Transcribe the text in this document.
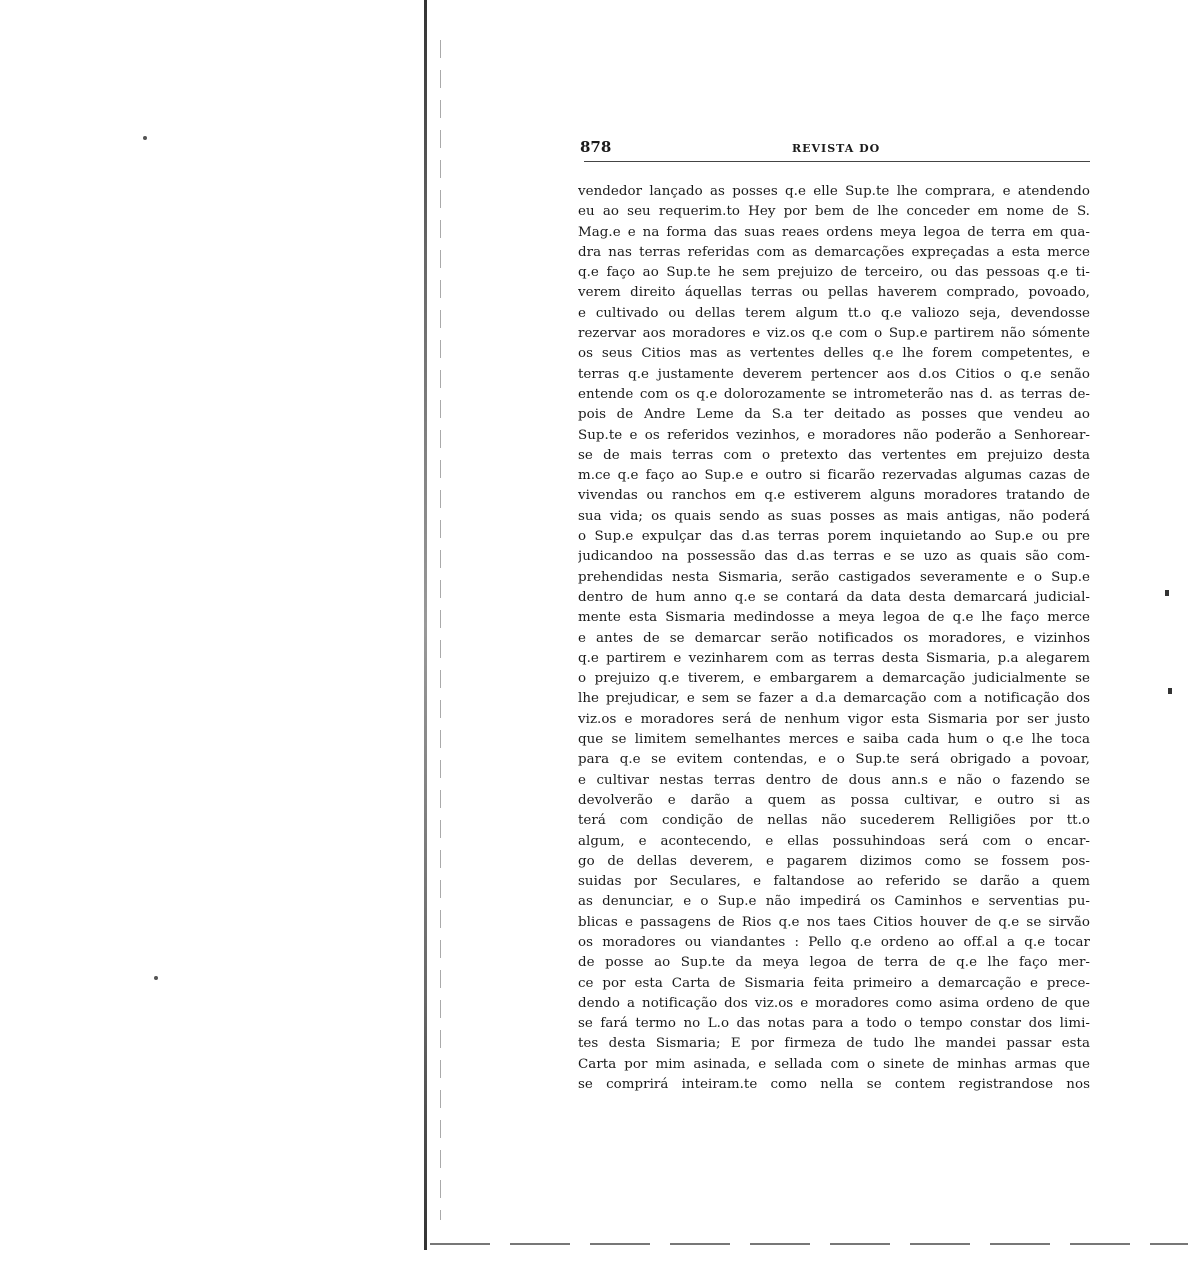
878	REVISTA DO
vendedor lançado as posses q.e elle Sup.te lhe comprara, e atendendo
eu ao seu requerim.to Hey por bem de lhe conceder em nome de S.
Mag.e e na forma das suas reaes ordens meya legoa de terra em qua-
dra nas terras referidas com as demarcações expreçadas a esta merce
q.e faço ao Sup.te he sem prejuizo de terceiro, ou das pessoas q.e ti-
verem direito áquellas terras ou pellas haverem comprado, povoado,
e cultivado ou dellas terem algum tt.o q.e valiozo seja, devendosse
rezervar aos moradores e viz.os q.e com o Sup.e partirem não sómente
os seus Citios mas as vertentes delles q.e lhe forem competentes, e
terras q.e justamente deverem pertencer aos d.os Citios o q.e senão
entende com os q.e dolorozamente se intrometerão nas d. as terras de-
pois de Andre Leme da S.a ter deitado as posses que vendeu ao
Sup.te e os referidos vezinhos, e moradores não poderão a Senhorear-
se de mais terras com o pretexto das vertentes em prejuizo desta
m.ce q.e faço ao Sup.e e outro si ficarão rezervadas algumas cazas de
vivendas ou ranchos em q.e estiverem alguns moradores tratando de
sua vida; os quais sendo as suas posses as mais antigas, não poderá
o Sup.e expulçar das d.as terras porem inquietando ao Sup.e ou pre
judicandoo na possessão das d.as terras e se uzo as quais são com-
prehendidas nesta Sismaria, serão castigados severamente e o Sup.e
dentro de hum anno q.e se contará da data desta demarcará judicial-
mente esta Sismaria medindosse a meya legoa de q.e lhe faço merce
e antes de se demarcar serão notificados os moradores, e vizinhos
q.e partirem e vezinharem com as terras desta Sismaria, p.a alegarem
o prejuizo q.e tiverem, e embargarem a demarcação judicialmente se
lhe prejudicar, e sem se fazer a d.a demarcação com a notificação dos
viz.os e moradores será de nenhum vigor esta Sismaria por ser justo
que se limitem semelhantes merces e saiba cada hum o q.e lhe toca
para q.e se evitem contendas, e o Sup.te será obrigado a povoar,
e cultivar nestas terras dentro de dous ann.s e não o fazendo se
devolverão e darão a quem as possa cultivar, e outro si as
terá com condição de nellas não sucederem Relligiões por tt.o
algum, e acontecendo, e ellas possuhindoas será com o encar-
go de dellas deverem, e pagarem dizimos como se fossem pos-
suidas por Seculares, e faltandose ao referido se darão a quem
as denunciar, e o Sup.e não impedirá os Caminhos e serventias pu-
blicas e passagens de Rios q.e nos taes Citios houver de q.e se sirvão
os moradores ou viandantes : Pello q.e ordeno ao off.al a q.e tocar
de posse ao Sup.te da meya legoa de terra de q.e lhe faço mer-
ce por esta Carta de Sismaria feita primeiro a demarcação e prece-
dendo a notificação dos viz.os e moradores como asima ordeno de que
se fará termo no L.o das notas para a todo o tempo constar dos limi-
tes desta Sismaria; E por firmeza de tudo lhe mandei passar esta
Carta por mim asinada, e sellada com o sinete de minhas armas que
se comprirá inteiram.te como nella se contem registrandose nos
